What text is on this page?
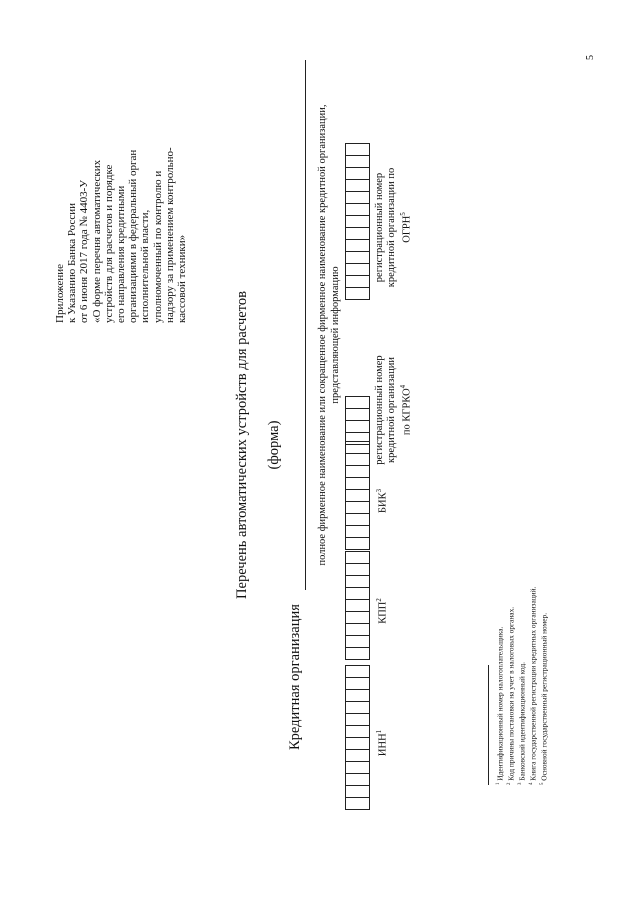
5
Приложение к Указанию Банка России от 6 июня 2017 года № 4403-У «О форме перечня автоматических устройств для расчетов и порядке его направления кредитными организациями в федеральный орган исполнительной власти, уполномоченный по контролю и надзору за применением контрольно- кассовой техники»
Перечень автоматических устройств для расчетов (форма)
Кредитная организация
полное фирменное наименование или сокращенное фирменное наименование кредитной организации, представляющей информацию
ИНН$^1$
КПП$^2$
БИК$^3$
регистрационный номер кредитной организации по КГРКО$^4$
регистрационный номер кредитной организации по ОГРН$^5$
$^1$ Идентификационный номер налогоплательщика.
$^2$ Код причины постановки на учет в налоговых органах.
$^3$ Банковский идентификационный код.
$^4$ Книга государственной регистрации кредитных организаций.
$^5$ Основной государственный регистрационный номер.
